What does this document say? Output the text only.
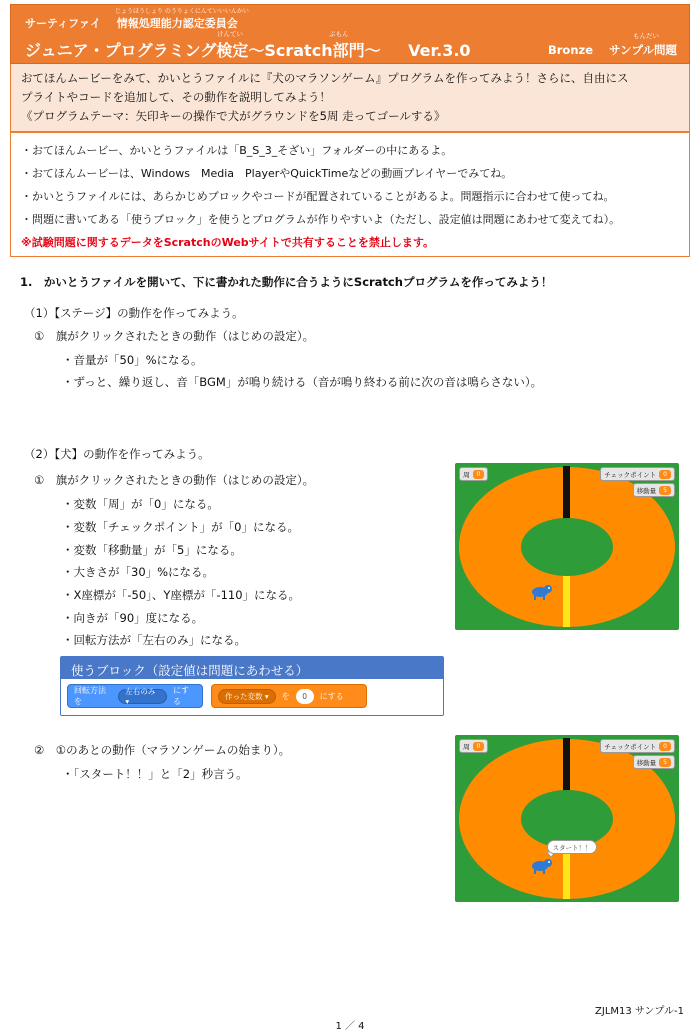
じょうほうしょり のうりょくにんていいいんかい
サーティファイ 情報処理能力認定委員会
けんてい	ぶもん
ジュニア・プログラミング検定〜Scratch部門〜 Ver.3.0
もんだい
Bronze サンプル問題
おてほんムービーをみて、かいとうファイルに『犬のマラソンゲーム』プログラムを作ってみよう！さらに、自由にス
プライトやコードを追加して、その動作を説明してみよう！
《プログラムテーマ：矢印キーの操作で犬がグラウンドを5周 走ってゴールする》
・おてほんムービー、かいとうファイルは「B_S_3_そざい」フォルダーの中にあるよ。
・おてほんムービーは、Windows　Media　PlayerやQuickTimeなどの動画プレイヤーでみてね。
・かいとうファイルには、あらかじめブロックやコードが配置されていることがあるよ。問題指示に合わせて使ってね。
・問題に書いてある「使うブロック」を使うとプログラムが作りやすいよ（ただし、設定値は問題にあわせて変えてね）。
※試験問題に関するデータをScratchのWebサイトで共有することを禁止します。
1.　かいとうファイルを開いて、下に書かれた動作に合うようにScratchプログラムを作ってみよう！
（1）【ステージ】の動作を作ってみよう。
①　旗がクリックされたときの動作（はじめの設定）。
・音量が「50」%になる。
・ずっと、繰り返し、音「BGM」が鳴り続ける（音が鳴り終わる前に次の音は鳴らさない）。
（2）【犬】の動作を作ってみよう。
①　旗がクリックされたときの動作（はじめの設定）。
・変数「周」が「0」になる。
・変数「チェックポイント」が「0」になる。
・変数「移動量」が「5」になる。
・大きさが「30」%になる。
・X座標が「-50」、Y座標が「-110」になる。
・向きが「90」度になる。
・回転方法が「左右のみ」になる。
使うブロック（設定値は問題にあわせる）
回転方法を
左右のみ ▾
にする
作った変数 ▾	を	0	にする
周	0	チェックポイント	0
移動量	5
②　①のあとの動作（マラソンゲームの始まり）。
・「スタート！！」と「2」秒言う。
スタート！！
周	0	チェックポイント	0
移動量	5
ZJLM13 サンプル-1
1 ／ 4
